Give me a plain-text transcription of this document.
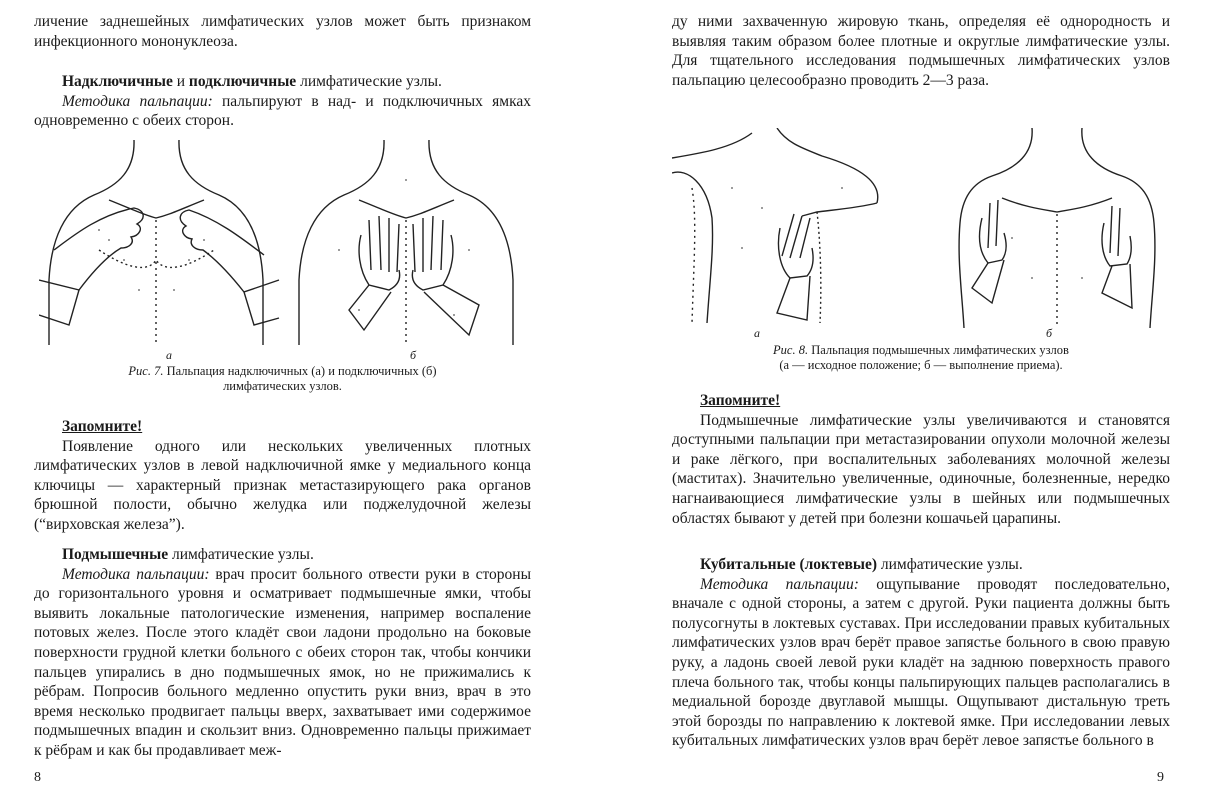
личение заднешейных лимфатических узлов может быть признаком инфекционного мононуклеоза.

Надключичные и подключичные лимфатические узлы.

Методика пальпации: пальпируют в над- и подключичных ямках одновременно с обеих сторон.

а	б
Рис. 7. Пальпация надключичных (а) и подключичных (б)
лимфатических узлов.

Запомните!

Появление одного или нескольких увеличенных плотных лимфатических узлов в левой надключичной ямке у медиального конца ключицы — характерный признак метастазирующего рака органов брюшной полости, обычно желудка или поджелудочной железы (“вирховская железа”).

Подмышечные лимфатические узлы.

Методика пальпации: врач просит больного отвести руки в стороны до горизонтального уровня и осматривает подмышечные ямки, чтобы выявить локальные патологические изменения, например воспаление потовых желез. После этого кладёт свои ладони продольно на боковые поверхности грудной клетки больного с обеих сторон так, чтобы кончики пальцев упирались в дно подмышечных ямок, но не прижимались к рёбрам. Попросив больного медленно опустить руки вниз, врач в это время несколько продвигает пальцы вверх, захватывает ими содержимое подмышечных впадин и скользит вниз. Одновременно пальцы прижимает к рёбрам и как бы продавливает меж-

8

ду ними захваченную жировую ткань, определяя её однородность и выявляя таким образом более плотные и округлые лимфатические узлы. Для тщательного исследования подмышечных лимфатических узлов пальпацию целесообразно проводить 2—3 раза.

а	б
Рис. 8. Пальпация подмышечных лимфатических узлов
(а — исходное положение; б — выполнение приема).

Запомните!

Подмышечные лимфатические узлы увеличиваются и становятся доступными пальпации при метастазировании опухоли молочной железы и раке лёгкого, при воспалительных заболеваниях молочной железы (маститах). Значительно увеличенные, одиночные, болезненные, нередко нагнаивающиеся лимфатические узлы в шейных или подмышечных областях бывают у детей при болезни кошачьей царапины.

Кубитальные (локтевые) лимфатические узлы.

Методика пальпации: ощупывание проводят последовательно, вначале с одной стороны, а затем с другой. Руки пациента должны быть полусогнуты в локтевых суставах. При исследовании правых кубитальных лимфатических узлов врач берёт правое запястье больного в свою правую руку, а ладонь своей левой руки кладёт на заднюю поверхность правого плеча больного так, чтобы концы пальпирующих пальцев располагались в медиальной борозде двуглавой мышцы. Ощупывают дистальную треть этой борозды по направлению к локтевой ямке. При исследовании левых кубитальных лимфатических узлов врач берёт левое запястье больного в

9
